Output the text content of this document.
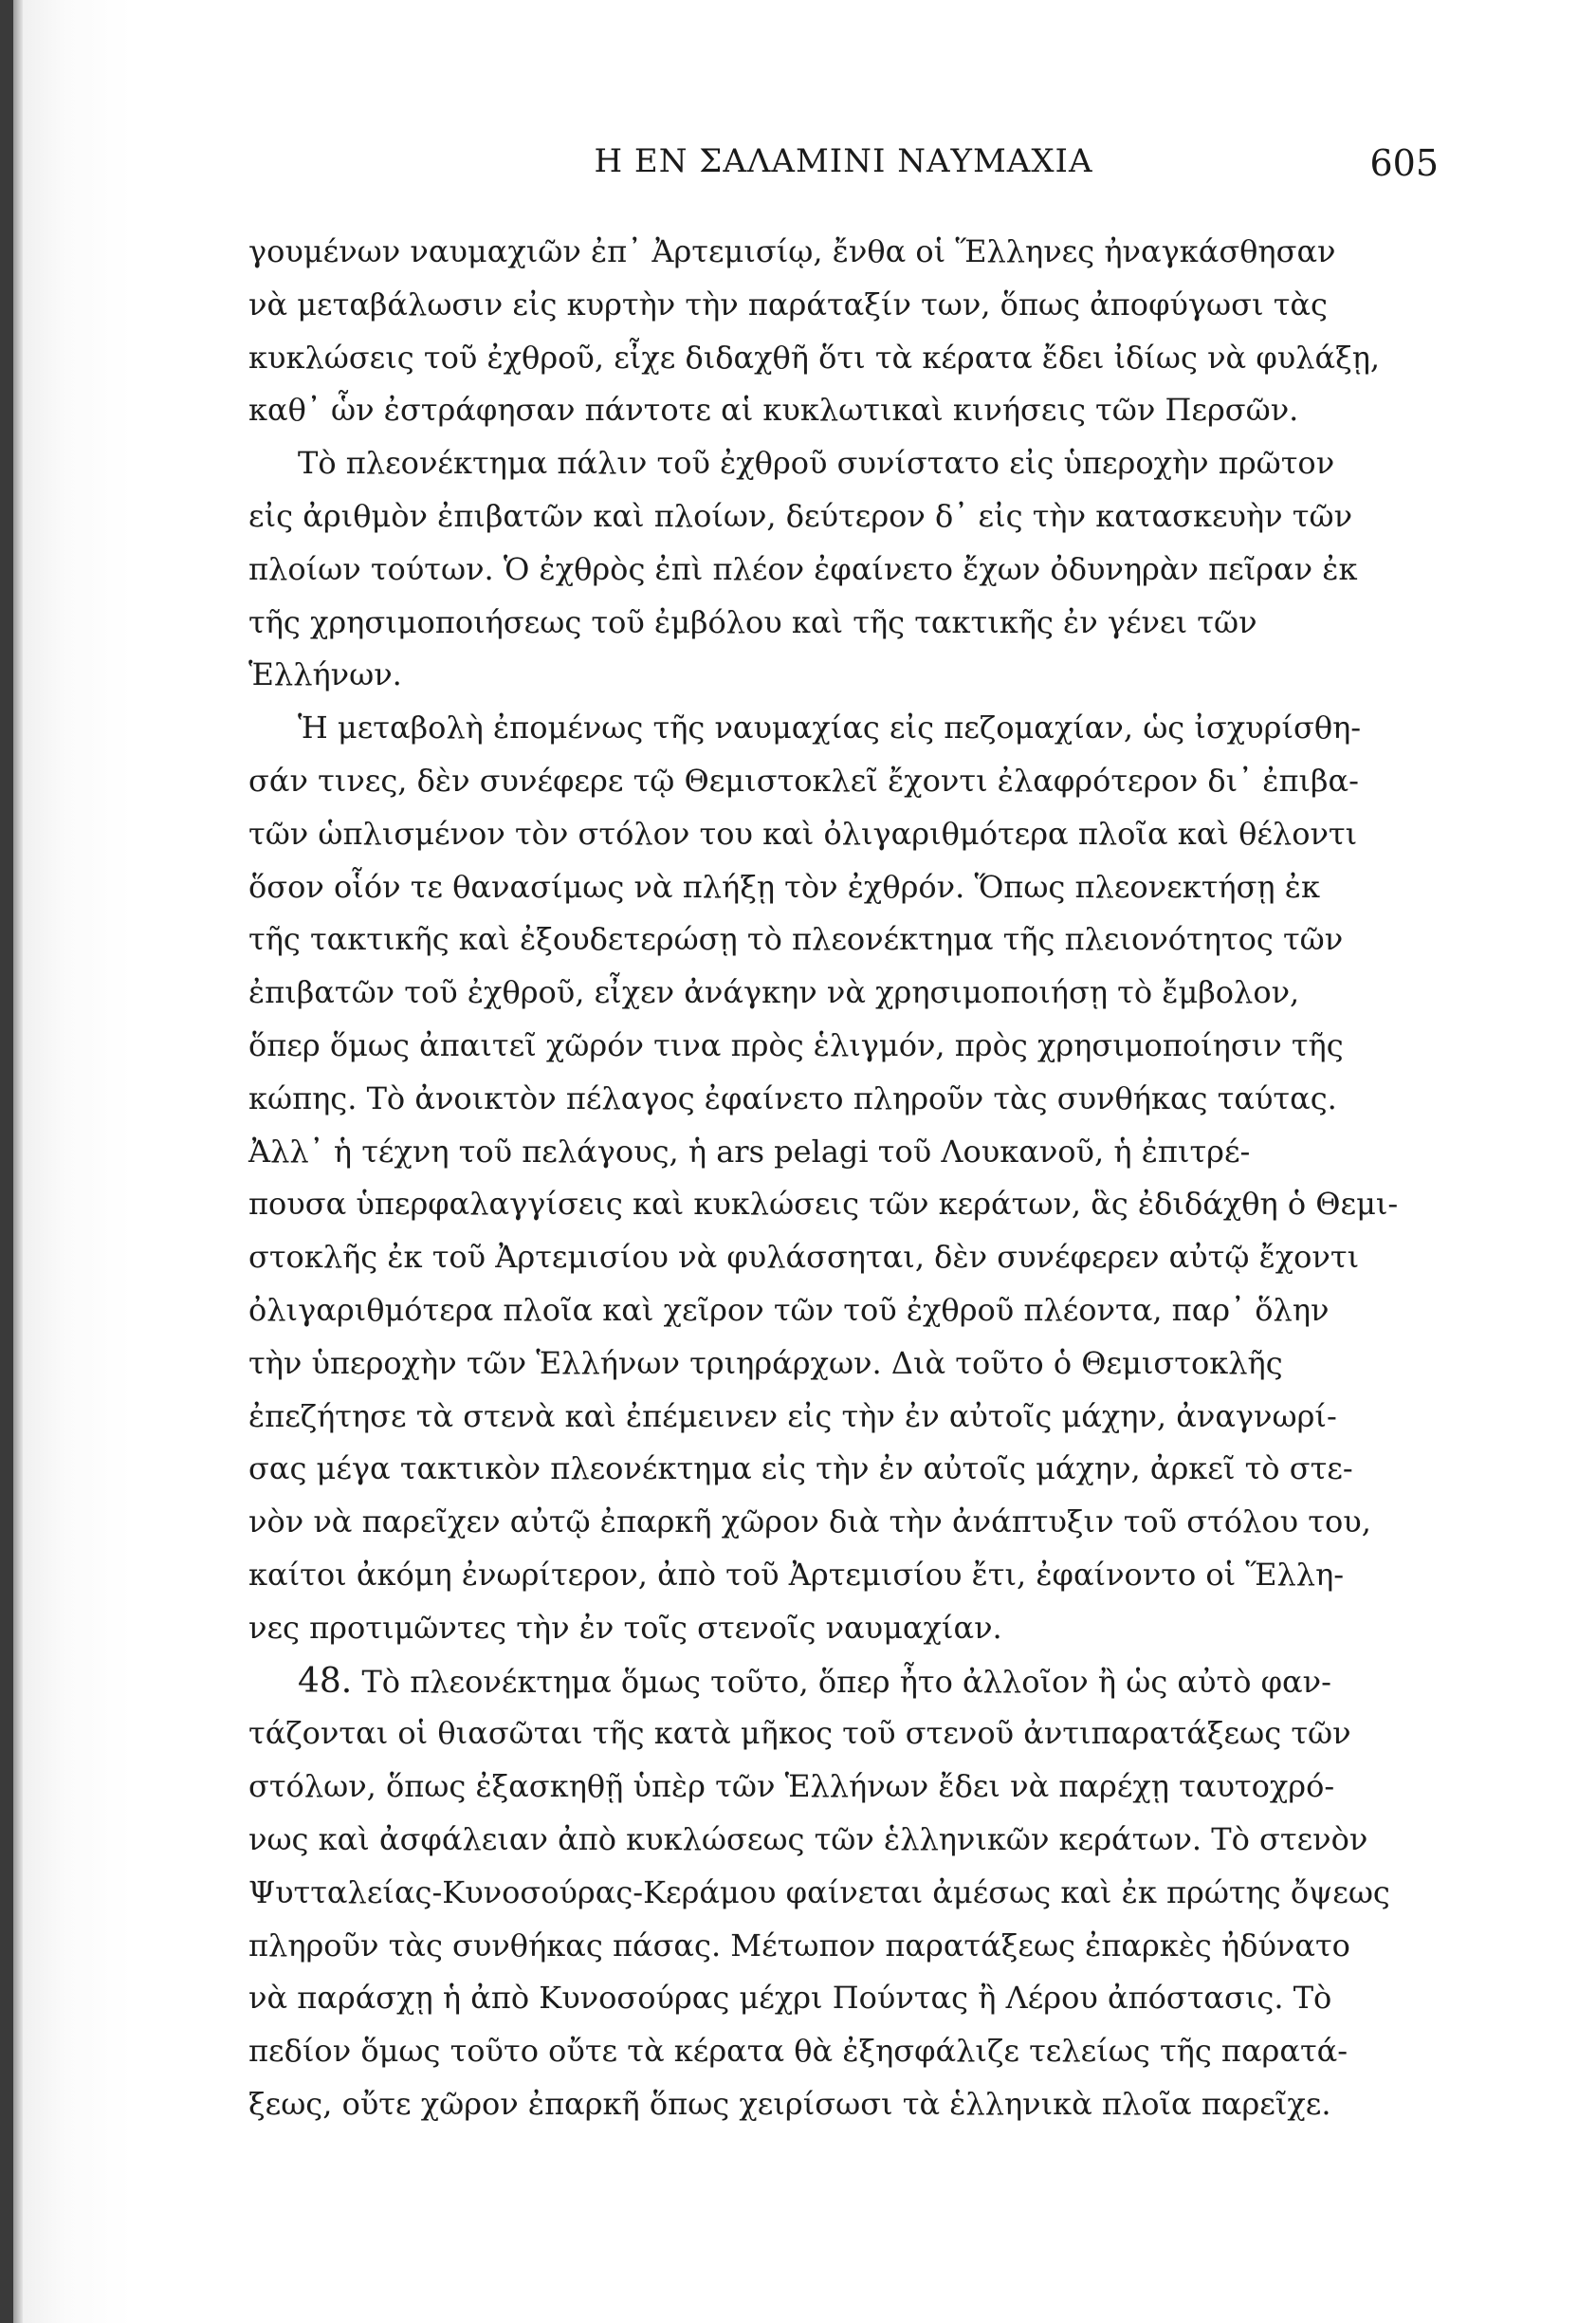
Η ΕΝ ΣΑΛΑΜΙΝΙ ΝΑΥΜΑΧΙΑ	605
γουμένων ναυμαχιῶν ἐπ᾽ Ἀρτεμισίῳ, ἔνθα οἱ Ἕλληνες ἠναγκάσθησαν
νὰ μεταβάλωσιν εἰς κυρτὴν τὴν παράταξίν των, ὅπως ἀποφύγωσι τὰς
κυκλώσεις τοῦ ἐχθροῦ, εἶχε διδαχθῆ ὅτι τὰ κέρατα ἔδει ἰδίως νὰ φυλάξῃ,
καθ᾽ ὧν ἐστράφησαν πάντοτε αἱ κυκλωτικαὶ κινήσεις τῶν Περσῶν.
Τὸ πλεονέκτημα πάλιν τοῦ ἐχθροῦ συνίστατο εἰς ὑπεροχὴν πρῶτον
εἰς ἀριθμὸν ἐπιβατῶν καὶ πλοίων, δεύτερον δ᾽ εἰς τὴν κατασκευὴν τῶν
πλοίων τούτων. Ὁ ἐχθρὸς ἐπὶ πλέον ἐφαίνετο ἔχων ὀδυνηρὰν πεῖραν ἐκ
τῆς χρησιμοποιήσεως τοῦ ἐμβόλου καὶ τῆς τακτικῆς ἐν γένει τῶν
Ἑλλήνων.
Ἡ μεταβολὴ ἐπομένως τῆς ναυμαχίας εἰς πεζομαχίαν, ὡς ἰσχυρίσθη-
σάν τινες, δὲν συνέφερε τῷ Θεμιστοκλεῖ ἔχοντι ἐλαφρότερον δι᾽ ἐπιβα-
τῶν ὡπλισμένον τὸν στόλον του καὶ ὀλιγαριθμότερα πλοῖα καὶ θέλοντι
ὅσον οἷόν τε θανασίμως νὰ πλήξῃ τὸν ἐχθρόν. Ὅπως πλεονεκτήσῃ ἐκ
τῆς τακτικῆς καὶ ἐξουδετερώσῃ τὸ πλεονέκτημα τῆς πλειονότητος τῶν
ἐπιβατῶν τοῦ ἐχθροῦ, εἶχεν ἀνάγκην νὰ χρησιμοποιήσῃ τὸ ἔμβολον,
ὅπερ ὅμως ἀπαιτεῖ χῶρόν τινα πρὸς ἑλιγμόν, πρὸς χρησιμοποίησιν τῆς
κώπης. Τὸ ἀνοικτὸν πέλαγος ἐφαίνετο πληροῦν τὰς συνθήκας ταύτας.
Ἀλλ᾽ ἡ τέχνη τοῦ πελάγους, ἡ ars pelagi τοῦ Λουκανοῦ, ἡ ἐπιτρέ-
πουσα ὑπερφαλαγγίσεις καὶ κυκλώσεις τῶν κεράτων, ἃς ἐδιδάχθη ὁ Θεμι-
στοκλῆς ἐκ τοῦ Ἀρτεμισίου νὰ φυλάσσηται, δὲν συνέφερεν αὐτῷ ἔχοντι
ὀλιγαριθμότερα πλοῖα καὶ χεῖρον τῶν τοῦ ἐχθροῦ πλέοντα, παρ᾽ ὅλην
τὴν ὑπεροχὴν τῶν Ἑλλήνων τριηράρχων. Διὰ τοῦτο ὁ Θεμιστοκλῆς
ἐπεζήτησε τὰ στενὰ καὶ ἐπέμεινεν εἰς τὴν ἐν αὐτοῖς μάχην, ἀναγνωρί-
σας μέγα τακτικὸν πλεονέκτημα εἰς τὴν ἐν αὐτοῖς μάχην, ἀρκεῖ τὸ στε-
νὸν νὰ παρεῖχεν αὐτῷ ἐπαρκῆ χῶρον διὰ τὴν ἀνάπτυξιν τοῦ στόλου του,
καίτοι ἀκόμη ἐνωρίτερον, ἀπὸ τοῦ Ἀρτεμισίου ἔτι, ἐφαίνοντο οἱ Ἕλλη-
νες προτιμῶντες τὴν ἐν τοῖς στενοῖς ναυμαχίαν.
48. Τὸ πλεονέκτημα ὅμως τοῦτο, ὅπερ ἦτο ἀλλοῖον ἢ ὡς αὐτὸ φαν-
τάζονται οἱ θιασῶται τῆς κατὰ μῆκος τοῦ στενοῦ ἀντιπαρατάξεως τῶν
στόλων, ὅπως ἐξασκηθῇ ὑπὲρ τῶν Ἑλλήνων ἔδει νὰ παρέχῃ ταυτοχρό-
νως καὶ ἀσφάλειαν ἀπὸ κυκλώσεως τῶν ἑλληνικῶν κεράτων. Τὸ στενὸν
Ψυτταλείας-Κυνοσούρας-Κεράμου φαίνεται ἀμέσως καὶ ἐκ πρώτης ὄψεως
πληροῦν τὰς συνθήκας πάσας. Μέτωπον παρατάξεως ἐπαρκὲς ἠδύνατο
νὰ παράσχῃ ἡ ἀπὸ Κυνοσούρας μέχρι Πούντας ἢ Λέρου ἀπόστασις. Τὸ
πεδίον ὅμως τοῦτο οὔτε τὰ κέρατα θὰ ἐξησφάλιζε τελείως τῆς παρατά-
ξεως, οὔτε χῶρον ἐπαρκῆ ὅπως χειρίσωσι τὰ ἑλληνικὰ πλοῖα παρεῖχε.
